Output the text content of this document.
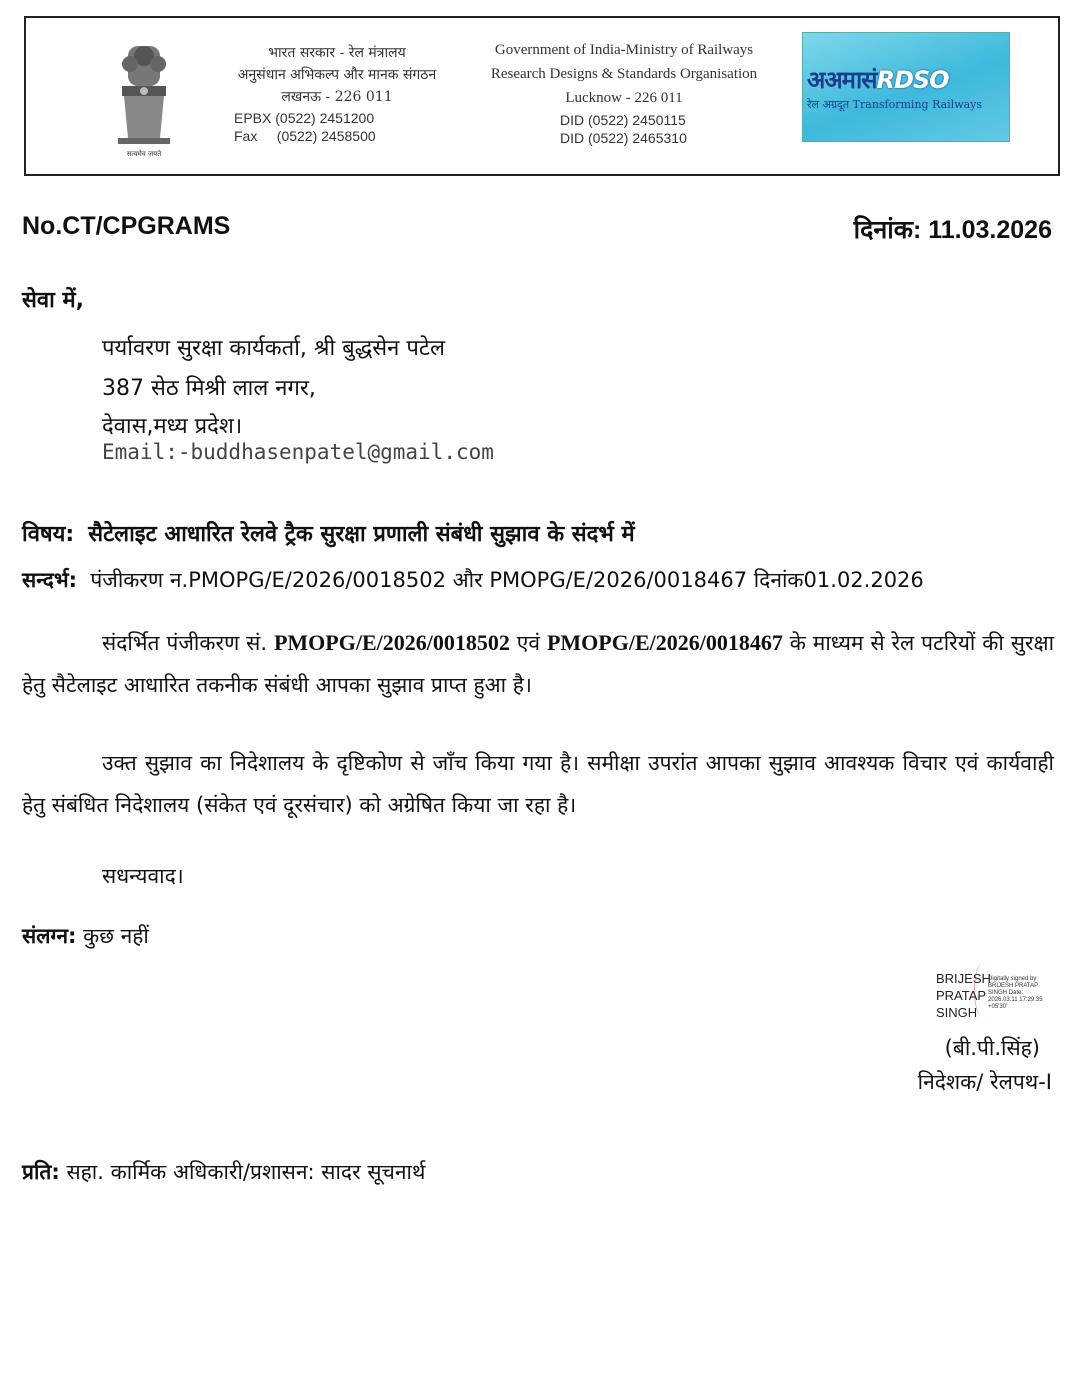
सत्यमेव जयते
भारत सरकार - रेल मंत्रालय
अनुसंधान अभिकल्प और मानक संगठन
लखनऊ - 226 011
EPBX (0522) 2451200
Fax     (0522) 2458500
Government of India-Ministry of Railways
Research Designs & Standards Organisation
Lucknow - 226 011
DID (0522) 2450115
DID (0522) 2465310
अअमासंRDSO
रेल अग्रदूत Transforming Railways
No.CT/CPGRAMS	दिनांक: 11.03.2026
सेवा में,
पर्यावरण सुरक्षा कार्यकर्ता, श्री बुद्धसेन पटेल
387 सेठ मिश्री लाल नगर,
देवास,मध्य प्रदेश।
Email:-buddhasenpatel@gmail.com
विषय: सैटेलाइट आधारित रेलवे ट्रैक सुरक्षा प्रणाली संबंधी सुझाव के संदर्भ में
सन्दर्भ: पंजीकरण न.PMOPG/E/2026/0018502 और PMOPG/E/2026/0018467 दिनांक01.02.2026
संदर्भित पंजीकरण सं. PMOPG/E/2026/0018502 एवं PMOPG/E/2026/0018467 के माध्यम से रेल पटरियों की सुरक्षा हेतु सैटेलाइट आधारित तकनीक संबंधी आपका सुझाव प्राप्त हुआ है।
उक्त सुझाव का निदेशालय के दृष्टिकोण से जाँच किया गया है। समीक्षा उपरांत आपका सुझाव आवश्यक विचार एवं कार्यवाही हेतु संबंधित निदेशालय (संकेत एवं दूरसंचार) को अग्रेषित किया जा रहा है।
सधन्यवाद।
संलग्न: कुछ नहीं
BRIJESH
PRATAP
SINGH
Digitally signed by BRIJESH PRATAP SINGH Date: 2026.03.11 17:29:35 +05'30'
(बी.पी.सिंह)
निदेशक/ रेलपथ-I
प्रति: सहा. कार्मिक अधिकारी/प्रशासन: सादर सूचनार्थ
